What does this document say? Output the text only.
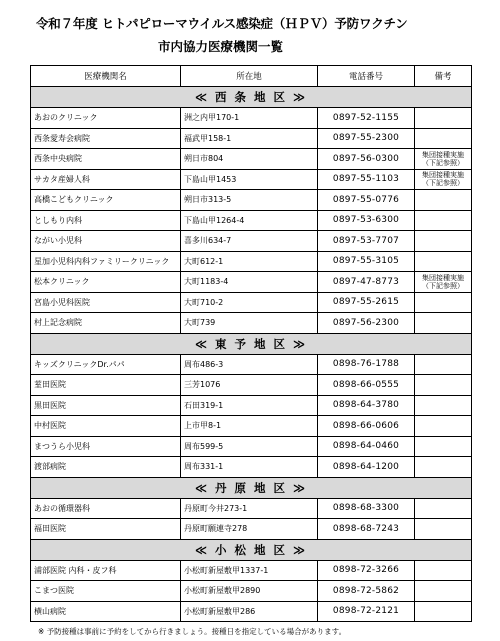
令和７年度 ヒトパピローマウイルス感染症（ＨＰＶ）予防ワクチン
市内協力医療機関一覧
医療機関名	所在地	電話番号	備考
≪ 西 条 地 区 ≫			
あおのクリニック	洲之内甲170-1	0897-52-1155	
西条愛寿会病院	福武甲158-1	0897-55-2300	
西条中央病院	朔日市804	0897-56-0300	集団接種実施（下記参照）
サカタ産婦人科	下島山甲1453	0897-55-1103	集団接種実施（下記参照）
高橋こどもクリニック	朔日市313-5	0897-55-0776	
としもり内科	下島山甲1264-4	0897-53-6300	
ながい小児科	喜多川634-7	0897-53-7707	
星加小児科内科ファミリークリニック	大町612-1	0897-55-3105	
松本クリニック	大町1183-4	0897-47-8773	集団接種実施（下記参照）
宮島小児科医院	大町710-2	0897-55-2615	
村上記念病院	大町739	0897-56-2300	
≪ 東 予 地 区 ≫			
キッズクリニックDr.パパ	周布486-3	0898-76-1788	
荎田医院	三芳1076	0898-66-0555	
黒田医院	石田319-1	0898-64-3780	
中村医院	上市甲8-1	0898-66-0606	
まつうら小児科	周布599-5	0898-64-0460	
渡部病院	周布331-1	0898-64-1200	
≪ 丹 原 地 区 ≫			
あおの循環器科	丹原町今井273-1	0898-68-3300	
福田医院	丹原町願連寺278	0898-68-7243	
≪ 小 松 地 区 ≫			
浦部医院 内科・皮フ科	小松町新屋敷甲1337-1	0898-72-3266	
こまつ医院	小松町新屋敷甲2890	0898-72-5862	
横山病院	小松町新屋敷甲286	0898-72-2121	
※ 予防接種は事前に予約をしてから行きましょう。接種日を指定している場合があります。
